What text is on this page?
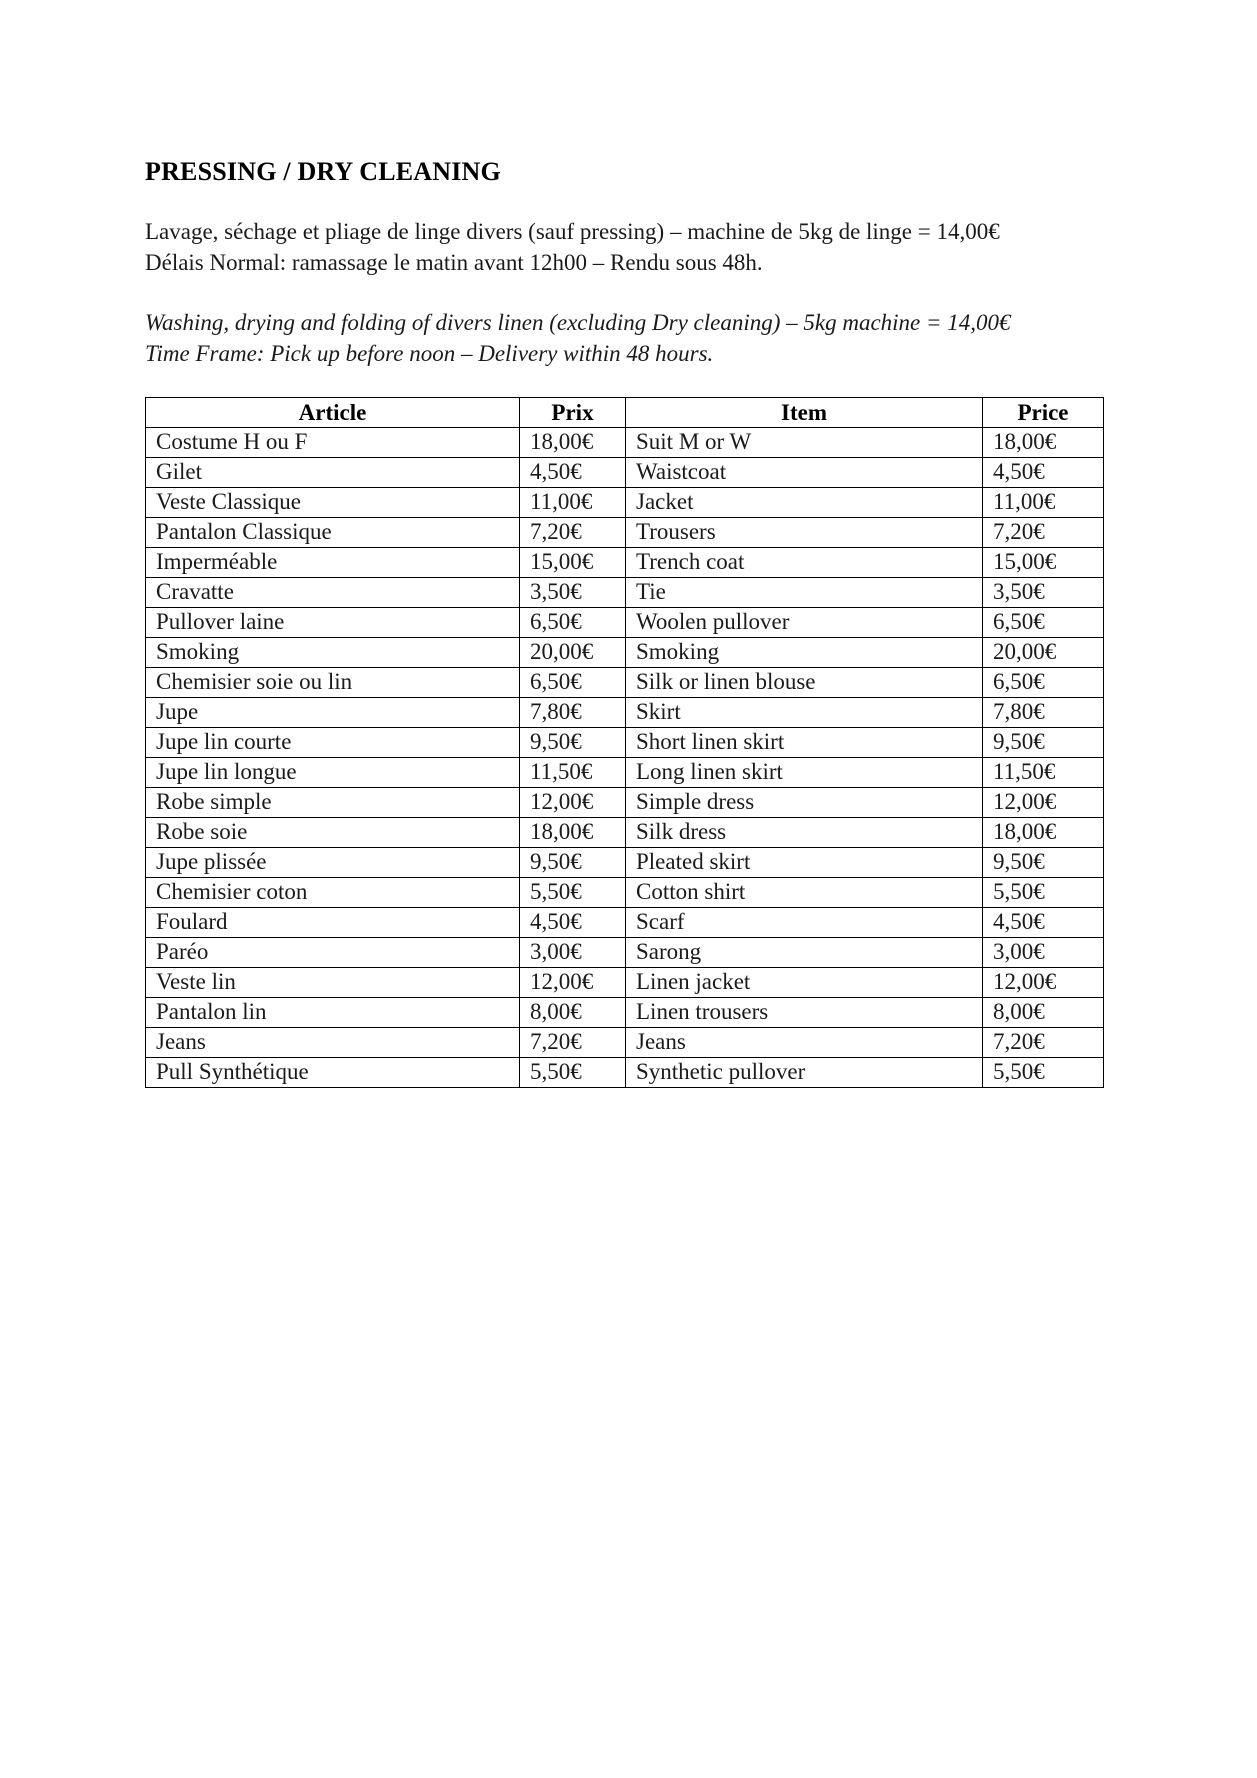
PRESSING / DRY CLEANING

Lavage, séchage et pliage de linge divers (sauf pressing) – machine de 5kg de linge = 14,00€
Délais Normal: ramassage le matin avant 12h00 – Rendu sous 48h.

Washing, drying and folding of divers linen (excluding Dry cleaning) – 5kg machine = 14,00€
Time Frame: Pick up before noon – Delivery within 48 hours.

Article	Prix	Item	Price
Costume H ou F	18,00€	Suit M or W	18,00€
Gilet	4,50€	Waistcoat	4,50€
Veste Classique	11,00€	Jacket	11,00€
Pantalon Classique	7,20€	Trousers	7,20€
Imperméable	15,00€	Trench coat	15,00€
Cravatte	3,50€	Tie	3,50€
Pullover laine	6,50€	Woolen pullover	6,50€
Smoking	20,00€	Smoking	20,00€
Chemisier soie ou lin	6,50€	Silk or linen blouse	6,50€
Jupe	7,80€	Skirt	7,80€
Jupe lin courte	9,50€	Short linen skirt	9,50€
Jupe lin longue	11,50€	Long linen skirt	11,50€
Robe simple	12,00€	Simple dress	12,00€
Robe soie	18,00€	Silk dress	18,00€
Jupe plissée	9,50€	Pleated skirt	9,50€
Chemisier coton	5,50€	Cotton shirt	5,50€
Foulard	4,50€	Scarf	4,50€
Paréo	3,00€	Sarong	3,00€
Veste lin	12,00€	Linen jacket	12,00€
Pantalon lin	8,00€	Linen trousers	8,00€
Jeans	7,20€	Jeans	7,20€
Pull Synthétique	5,50€	Synthetic pullover	5,50€
